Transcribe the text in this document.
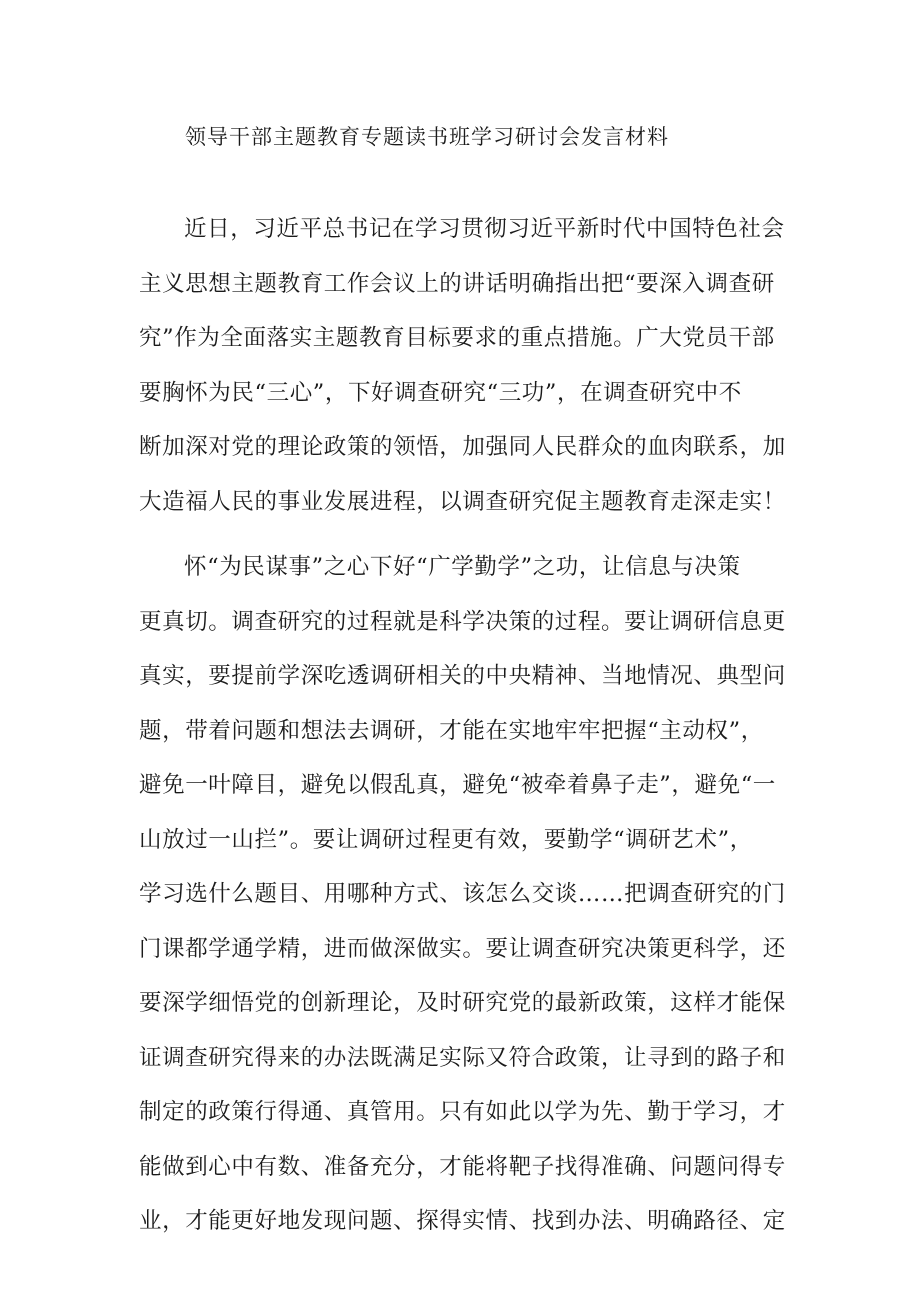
领导干部主题教育专题读书班学习研讨会发言材料
近日，习近平总书记在学习贯彻习近平新时代中国特色社会
主义思想主题教育工作会议上的讲话明确指出把“要深入调查研
究”作为全面落实主题教育目标要求的重点措施。广大党员干部
要胸怀为民“三心”，下好调查研究“三功”，在调查研究中不
断加深对党的理论政策的领悟，加强同人民群众的血肉联系，加
大造福人民的事业发展进程，以调查研究促主题教育走深走实！
怀“为民谋事”之心下好“广学勤学”之功，让信息与决策
更真切。调查研究的过程就是科学决策的过程。要让调研信息更
真实，要提前学深吃透调研相关的中央精神、当地情况、典型问
题，带着问题和想法去调研，才能在实地牢牢把握“主动权”，
避免一叶障目，避免以假乱真，避免“被牵着鼻子走”，避免“一
山放过一山拦”。要让调研过程更有效，要勤学“调研艺术”，
学习选什么题目、用哪种方式、该怎么交谈……把调查研究的门
门课都学通学精，进而做深做实。要让调查研究决策更科学，还
要深学细悟党的创新理论，及时研究党的最新政策，这样才能保
证调查研究得来的办法既满足实际又符合政策，让寻到的路子和
制定的政策行得通、真管用。只有如此以学为先、勤于学习，才
能做到心中有数、准备充分，才能将靶子找得准确、问题问得专
业，才能更好地发现问题、探得实情、找到办法、明确路径、定
